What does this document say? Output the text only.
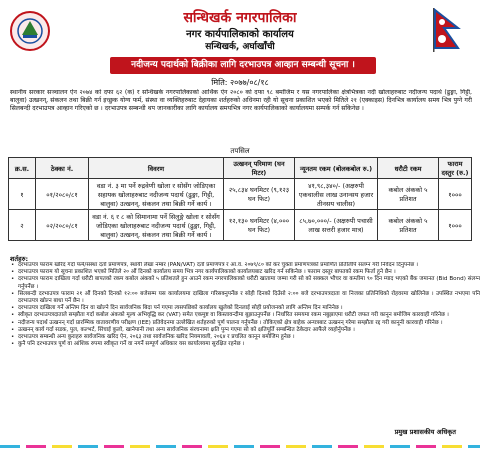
सन्धिखर्क नगरपालिका
नगर कार्यपालिकाको कार्यालय
सन्धिखर्क, अर्घाखाँची
नदीजन्य पदार्थको बिक्रीका लागि दरभाउपत्र आव्हान सम्बन्धी सूचना ।
मिति: २०७७/०८/१८
स्थानीय सरकार सञ्चालन ऐन २०७४ को दफा ६२ (क) र सन्धिखर्क नगरपालिकाको आर्थिक ऐन २०८० को दफा ९८ बमोजिम र यस नगरपालिका क्षेत्रभित्रका नदी खोलाहरुबाट नदीजन्य पदार्थ (ढुङ्गा, गिट्टी, बालुवा) उत्खनन्, संकलन तथा बिक्री गर्न इच्छुक योग्य फर्म, संस्था वा व्यक्तिहरुबाट देहायका शर्तहरुको अधिनमा रही यो सूचना प्रकाशित भएको मितिले २१ (एक्काइस) दिनभित्र कार्यालय समय भित्र पुग्ने गरी सिलबन्दी दरभाउपत्र आव्हान गरिएको छ । दरभाउपत्र सम्बन्धी थप जानकारीका लागि कार्यालय समयभित्र नगर कार्यपालिकाको कार्यालयमा सम्पर्क गर्न सकिनेछ ।
तपसिल
क्र.स.	ठेक्का नं.	विवरण	उत्खनन् परिमाण (घन मिटर)	न्यूनतम रकम (बोलकबोल रु.)	धरौटी रकम	फाराम दस्तुर (रु.)
१	०१/२०८०/८१	वडा नं. ३ मा पर्ने रुद्रवेणी खोला र सोसँग जोडिएका सहायक खोलाहरुबाट नदीजन्य पदार्थ (ढुङ्गा, गिट्टी, बालुवा) उत्खनन्, संकलन तथा बिक्री गर्ने कार्य ।	२५,८३४ घनमिटर (९,१२३ घन फिट)	४१,९८,३४०/- (अक्षरुपी एकचालीस लाख उनान्सय हजार तीनसय चालीस)	कबोल अंकको ५ प्रतिशत	१०००
२	०२/२०८०/८१	वडा नं. ६ र ८ को सिमानामा पर्ने सिलुङ्गे खोला र सोसँग जोडिएका खोलाहरुबाट नदीजन्य पदार्थ (ढुङ्गा, गिट्टी, बालुवा) उत्खनन्, संकलन तथा बिक्री गर्ने कार्य ।	१२,१३० घनमिटर (४,००० घन फिट)	८५,७०,०००/- (अक्षरुपी पचासी लाख सत्तरी हजार मात्र)	कबोल अंकको ५ प्रतिशत	१०००
शर्तहरु:
• दरभाउपत्र फाराम खरिद गर्दा फर्म/संस्था दर्ता प्रमाणपत्र, स्थायी लेखा नम्बर (PAN/VAT) दर्ता प्रमाणपत्र र आ.व. २०७९/८० को कर चुक्ता प्रमाणपत्रको प्रमाणित प्रतिलिपि संलग्न गरी निवेदन दिनुपर्नेछ ।
• दरभाउपत्र फाराम यो सूचना प्रकाशित भएको मितिले २० औं दिनको कार्यालय समय भित्र नगर कार्यपालिकाको कार्यालयबाट खरिद गर्न सकिनेछ । फाराम दस्तुर बापतको रकम फिर्ता हुने छैन ।
• दरभाउपत्र फाराम दाखिला गर्दा धरौटी बापतको रकम कबोल अंकको ५ प्रतिशतले हुन आउने रकम नगरपालिकाको धरौटी खातामा जम्मा गरी सो को सक्कल भौचर वा कम्तीमा ९० दिन म्याद भएको बैंक जमानत (Bid Bond) संलग्न गर्नुपर्नेछ ।
• सिलबन्दी दरभाउपत्र फाराम २१ औं दिनको दिनको १२:०० बजेसम्म यस कार्यालयमा दाखिला गरिसक्नुपर्नेछ र सोही दिनको दिउँसो २:०० बजे दरभाउपत्रदाता वा निजका प्रतिनिधिको रोहवरमा खोलिनेछ । उपस्थित नभएमा पनि दरभाउपत्र खोल्न बाधा पर्ने छैन ।
• दरभाउपत्र दाखिला गर्ने अन्तिम दिन वा खोल्ने दिन सार्वजनिक बिदा पर्न गएमा त्यसपछिको कार्यालय खुलेको दिनलाई सोही प्रयोजनको लागि अन्तिम दिन मानिनेछ ।
• स्वीकृत दरभाउपत्रदाताले सम्झौता गर्दा कबोल अंकको मूल्य अभिवृद्धि कर (VAT) समेत एकमुष्ट वा किस्तावन्दीमा बुझाउनुपर्नेछ । निर्धारित समयमा रकम नबुझाएमा धरौटी जफत गरी कानून बमोजिम कारवाही गरिनेछ ।
• नदीजन्य पदार्थ उत्खनन् गर्दा प्रारम्भिक वातावरणीय परीक्षण (IEE) प्रतिवेदनमा उल्लेखित शर्तहरुको पूर्ण पालना गर्नुपर्नेछ । तोकिएको क्षेत्र बाहेक अन्यत्रबाट उत्खनन् गरेमा सम्झौता रद्द गरी कानूनी कारवाही गरिनेछ ।
• उत्खनन् कार्य गर्दा सडक, पुल, कल्भर्ट, सिंचाई कुलो, खानेपानी तथा अन्य सार्वजनिक संरचनामा क्षति पुग्न गएमा सो को क्षतिपूर्ति सम्बन्धित ठेकेदार आफैंले व्यहोर्नुपर्नेछ ।
• दरभाउपत्र सम्बन्धी अन्य कुराहरु सार्वजनिक खरिद ऐन, २०६३ तथा सार्वजनिक खरिद नियमावली, २०६४ र प्रचलित कानून बमोजिम हुनेछ ।
• कुनै पनि दरभाउपत्र पूर्ण वा आंशिक रुपमा स्वीकृत गर्ने वा नगर्ने सम्पूर्ण अधिकार यस कार्यालयमा सुरक्षित रहनेछ ।
प्रमुख प्रशासकीय अधिकृत
